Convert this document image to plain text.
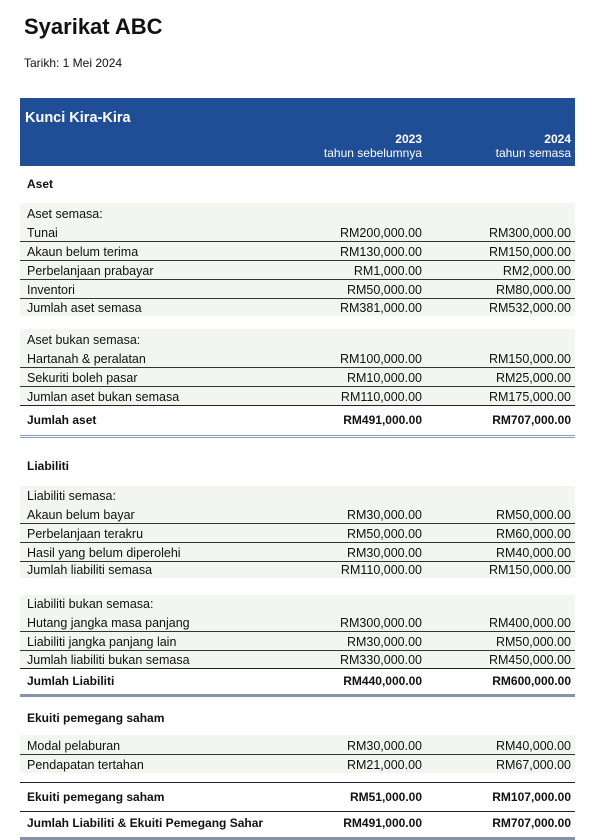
Syarikat ABC
Tarikh: 1 Mei 2024
Kunci Kira-Kira
2023
tahun sebelumnya
2024
tahun semasa
Aset
Aset semasa:
Tunai	RM200,000.00	RM300,000.00
Akaun belum terima	RM130,000.00	RM150,000.00
Perbelanjaan prabayar	RM1,000.00	RM2,000.00
Inventori	RM50,000.00	RM80,000.00
Jumlah aset semasa	RM381,000.00	RM532,000.00
Aset bukan semasa:
Hartanah & peralatan	RM100,000.00	RM150,000.00
Sekuriti boleh pasar	RM10,000.00	RM25,000.00
Jumlan aset bukan semasa	RM110,000.00	RM175,000.00
Jumlah aset	RM491,000.00	RM707,000.00
Liabiliti
Liabiliti semasa:
Akaun belum bayar	RM30,000.00	RM50,000.00
Perbelanjaan terakru	RM50,000.00	RM60,000.00
Hasil yang belum diperolehi	RM30,000.00	RM40,000.00
Jumlah liabiliti semasa	RM110,000.00	RM150,000.00
Liabiliti bukan semasa:
Hutang jangka masa panjang	RM300,000.00	RM400,000.00
Liabiliti jangka panjang lain	RM30,000.00	RM50,000.00
Jumlah liabiliti bukan semasa	RM330,000.00	RM450,000.00
Jumlah Liabiliti	RM440,000.00	RM600,000.00
Ekuiti pemegang saham
Modal pelaburan	RM30,000.00	RM40,000.00
Pendapatan tertahan	RM21,000.00	RM67,000.00
Ekuiti pemegang saham	RM51,000.00	RM107,000.00
Jumlah Liabiliti & Ekuiti Pemegang Sahar	RM491,000.00	RM707,000.00
